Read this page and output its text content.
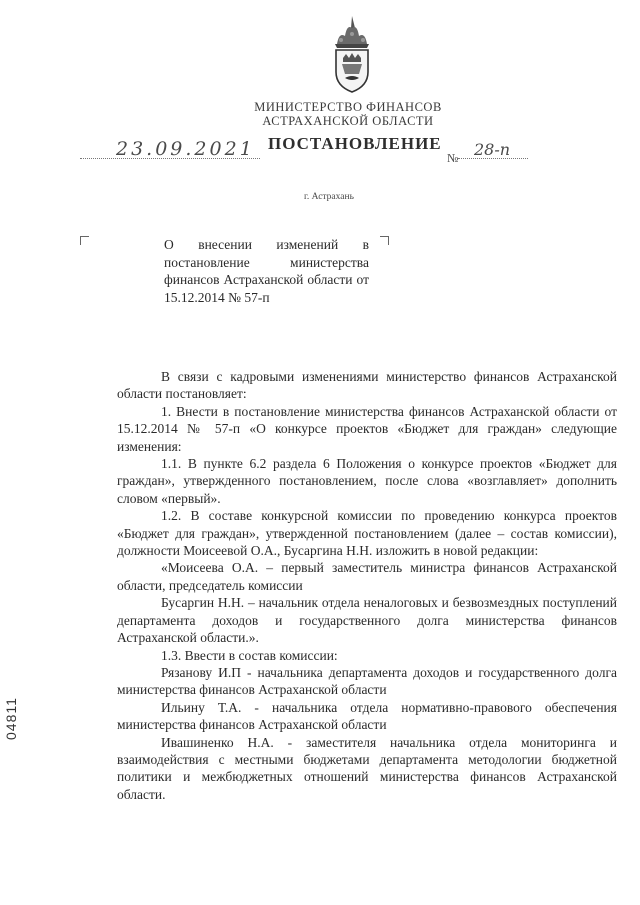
МИНИСТЕРСТВО ФИНАНСОВ
АСТРАХАНСКОЙ ОБЛАСТИ
ПОСТАНОВЛЕНИЕ
23.09.2021	№ 28-п
г. Астрахань
О внесении изменений в постановление министерства финансов Астраханской области от 15.12.2014 № 57-п

В связи с кадровыми изменениями министерство финансов Астраханской области постановляет:

1. Внести в постановление министерства финансов Астраханской области от 15.12.2014 № 57-п «О конкурсе проектов «Бюджет для граждан» следующие изменения:

1.1. В пункте 6.2 раздела 6 Положения о конкурсе проектов «Бюджет для граждан», утвержденного постановлением, после слова «возглавляет» дополнить словом «первый».

1.2. В составе конкурсной комиссии по проведению конкурса проектов «Бюджет для граждан», утвержденной постановлением (далее – состав комиссии), должности Моисеевой О.А., Бусаргина Н.Н. изложить в новой редакции:

«Моисеева О.А. – первый заместитель министра финансов Астраханской области, председатель комиссии

Бусаргин Н.Н. – начальник отдела неналоговых и безвозмездных поступлений департамента доходов и государственного долга министерства финансов Астраханской области.».

1.3. Ввести в состав комиссии:

Рязанову И.П - начальника департамента доходов и государственного долга министерства финансов Астраханской области

Ильину Т.А. - начальника отдела нормативно-правового обеспечения министерства финансов Астраханской области

Ивашиненко Н.А. - заместителя начальника отдела мониторинга и взаимодействия с местными бюджетами департамента методологии бюджетной политики и межбюджетных отношений министерства финансов Астраханской области.

04811
